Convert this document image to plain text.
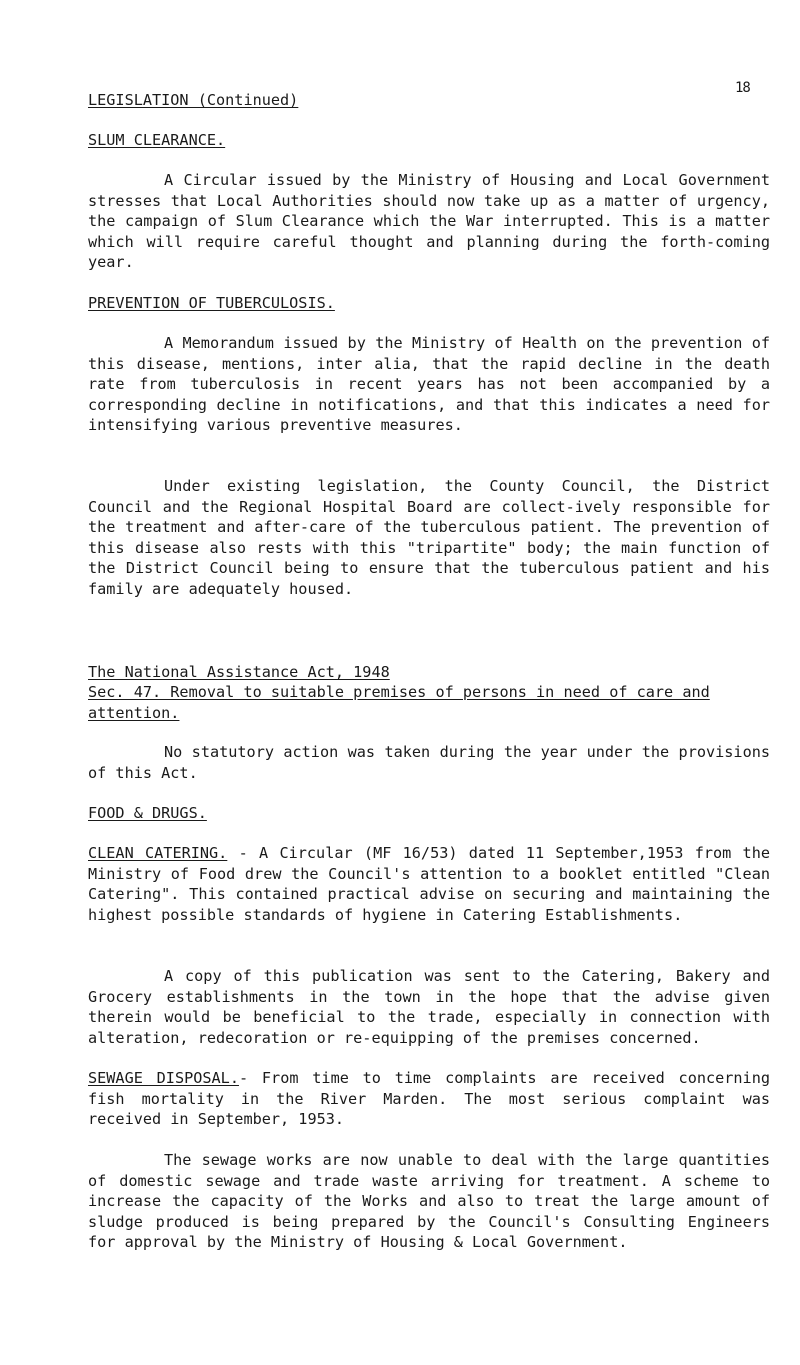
18
LEGISLATION (Continued)
SLUM CLEARANCE.

A Circular issued by the Ministry of Housing and Local Government stresses that Local Authorities should now take up as a matter of urgency, the campaign of Slum Clearance which the War interrupted. This is a matter which will require careful thought and planning during the forth-coming year.

PREVENTION OF TUBERCULOSIS.

A Memorandum issued by the Ministry of Health on the prevention of this disease, mentions, inter alia, that the rapid decline in the death rate from tuberculosis in recent years has not been accompanied by a corresponding decline in notifications, and that this indicates a need for intensifying various preventive measures.

Under existing legislation, the County Council, the District Council and the Regional Hospital Board are collect-ively responsible for the treatment and after-care of the tuberculous patient. The prevention of this disease also rests with this "tripartite" body; the main function of the District Council being to ensure that the tuberculous patient and his family are adequately housed.

The National Assistance Act, 1948
Sec. 47. Removal to suitable premises of persons in need of care and attention.

No statutory action was taken during the year under the provisions of this Act.

FOOD & DRUGS.

CLEAN CATERING. - A Circular (MF 16/53) dated 11 September,1953 from the Ministry of Food drew the Council's attention to a booklet entitled "Clean Catering". This contained practical advise on securing and maintaining the highest possible standards of hygiene in Catering Establishments.

A copy of this publication was sent to the Catering, Bakery and Grocery establishments in the town in the hope that the advise given therein would be beneficial to the trade, especially in connection with alteration, redecoration or re-equipping of the premises concerned.

SEWAGE DISPOSAL.- From time to time complaints are received concerning fish mortality in the River Marden. The most serious complaint was received in September, 1953.

The sewage works are now unable to deal with the large quantities of domestic sewage and trade waste arriving for treatment. A scheme to increase the capacity of the Works and also to treat the large amount of sludge produced is being prepared by the Council's Consulting Engineers for approval by the Ministry of Housing & Local Government.
